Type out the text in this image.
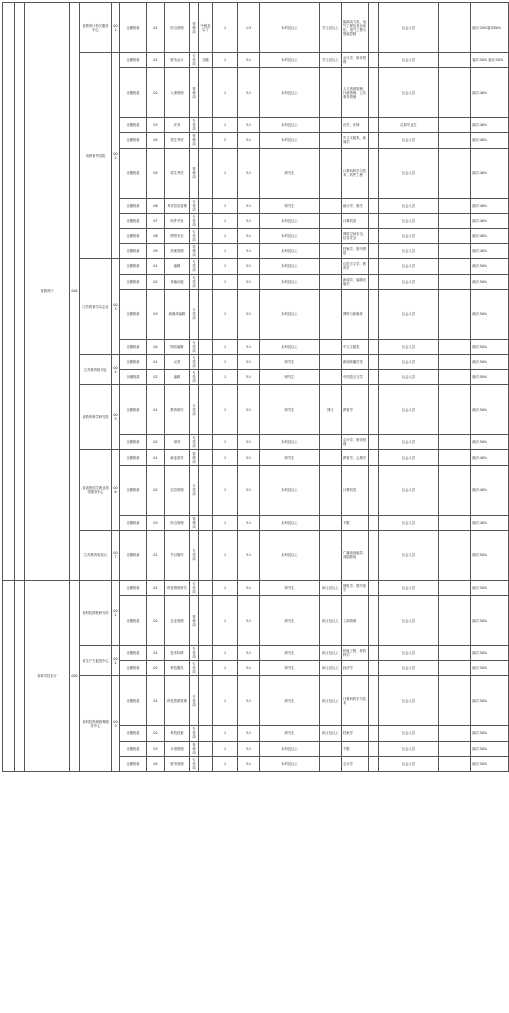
		省教育厅	004	省教育厅机关服务中心	001	全额拨款	01	综合管理	管理岗	中级及以下	1	1:3	本科及以上	学士及以上	能源动力类、电气工程及其自动化、电气工程与智能控制		社会人员		面试:20%笔试80%	
				省教育考试院	002	全额拨款	01	财务会计	专技岗	初级	1	3:1	本科及以上	学士及以上	会计学、财务管理		社会人员		笔试:50% 面试:50%	
						全额拨款	02	人事管理	管理岗		1	3:1	本科及以上		人力资源管理、行政管理、公共事务管理		社会人员		面试:40%	
						全额拨款	03	法务	专技岗		1	3:1	本科及以上		法学、法律		应届毕业生		面试:40%	
						全额拨款	04	招生考试	管理岗		2	3:1	本科及以上		中文文秘类、新闻学		社会人员		面试:40%	
						全额拨款	05	招生考试	管理岗		1	3:1	研究生		计算机科学与技术、软件工程		社会人员		面试:40%	
						全额拨款	06	考试信息管理	专技岗		1	3:1	研究生		统计学、数学		社会人员		面试:40%	
						全额拨款	07	软件开发	专技岗		1	3:1	本科及以上		计算机类		社会人员		面试:40%	
						全额拨款	08	网络安全	专技岗		1	3:1	本科及以上		网络空间安全、信息安全		社会人员		面试:40%	
						全额拨款	09	档案管理	管理岗		1	3:1	本科及以上		档案学、图书情报		社会人员		面试:40%	
				江苏教育学杂志社	003	全额拨款	01	编辑	专技岗		1	3:1	本科及以上		汉语言文学、教育学		社会人员		面试:50%	
						全额拨款	02	采编出版	专技岗		1	3:1	本科及以上		新闻学、编辑出版学		社会人员		面试:50%	
						全额拨款	03	新媒体编辑	专技岗		1	3:1	本科及以上		网络与新媒体		社会人员		面试:50%	
						全额拨款	04	网站编辑	专技岗		1	3:1	本科及以上		中文文秘类		社会人员		面试:50%	
				江苏教育报刊社	004	全额拨款	01	记者	专技岗		1	3:1	研究生		新闻传播学类		社会人员		面试:50%	
						全额拨款	02	编辑	专技岗		1	3:1	研究生		中国语言文学		社会人员		面试:50%	
				省教育科学研究院	005	全额拨款	01	教育研究	专技岗		1	3:1	研究生	博士	教育学		社会人员		面试:50%	
						全额拨款	02	财务	专技岗		1	3:1	本科及以上		会计学、财务管理		社会人员		面试:50%	
				省高校招生就业指导服务中心	006	全额拨款	01	就业指导	管理岗		1	3:1	研究生		教育学、心理学		社会人员		面试:40%	
						全额拨款	02	信息管理	专技岗		1	3:1	本科及以上		计算机类		社会人员		面试:40%	
						全额拨款	03	综合管理	管理岗		1	3:1	本科及以上		不限		社会人员		面试:40%	
				江苏教育电视台	007	全额拨款	01	节目制作	专技岗		1	3:1	本科及以上		广播电视编导、戏剧影视		社会人员		面试:50%	
		省科学技术厅	005	省科技情报研究所	001	全额拨款	01	科技情报研究	专技岗		1	3:1	研究生	硕士及以上	情报学、图书馆学		社会人员		面试:50%	
						全额拨款	02	企业管理	管理岗		1	3:1	研究生	硕士及以上	工商管理		社会人员		面试:50%	
				省生产力促进中心	002	全额拨款	01	技术转移	专技岗		1	3:1	研究生	硕士及以上	机械工程、材料科学		社会人员		面试:50%	
						全额拨款	02	科技服务	专技岗		1	3:1	研究生	硕士及以上	经济学		社会人员		面试:50%	
				省科技资源统筹服务中心	003	全额拨款	01	科技资源管理	专技岗		1	3:1	研究生	硕士及以上	计算机科学与技术		社会人员		面试:50%	
						全额拨款	02	科技档案	专技岗		1	3:1	研究生	硕士及以上	档案学		社会人员		面试:50%	
						全额拨款	03	计划管理	管理岗		1	3:1	本科及以上		不限		社会人员		面试:50%	
						全额拨款	04	财务管理	专技岗		1	3:1	本科及以上		会计学		社会人员		面试:50%	
